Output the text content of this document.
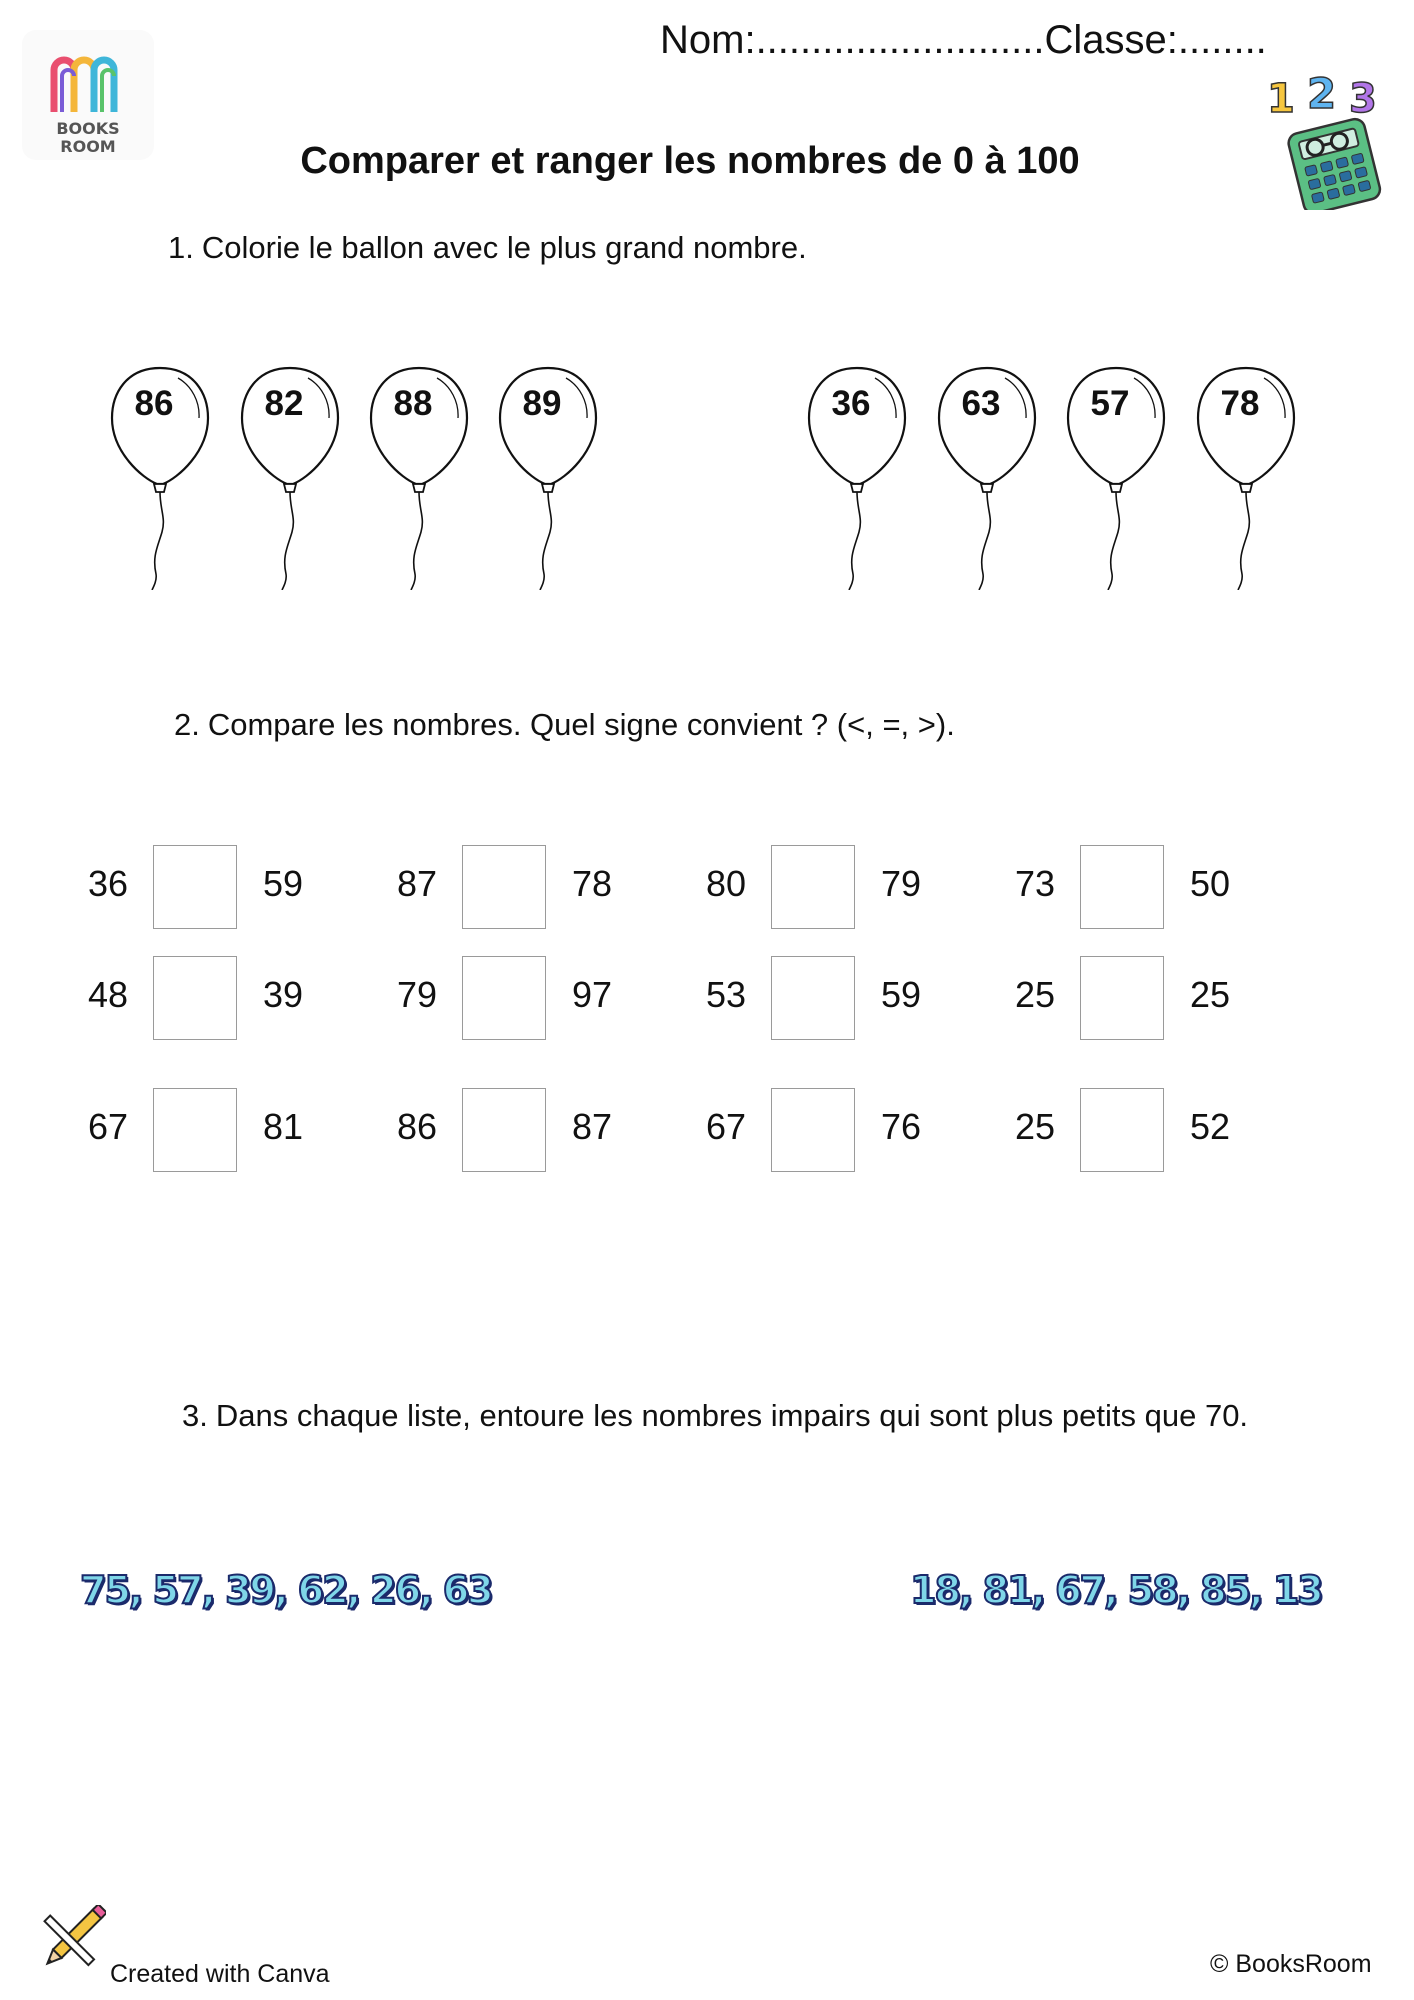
BOOKS
ROOM
Nom:..........................Classe:........
1 2 3
Comparer et ranger les nombres de 0 à 100
1. Colorie le ballon avec le plus grand nombre.
86	82	88	89	36	63	57	78
2. Compare les nombres. Quel signe convient ? (<, =, >).
36	59	87	78	80	79	73	50
48	39	79	97	53	59	25	25
67	81	86	87	67	76	25	52
3. Dans chaque liste, entoure les nombres impairs qui sont plus petits que 70.
75, 57, 39, 62, 26, 63	18, 81, 67, 58, 85, 13
Created with Canva	© BooksRoom
